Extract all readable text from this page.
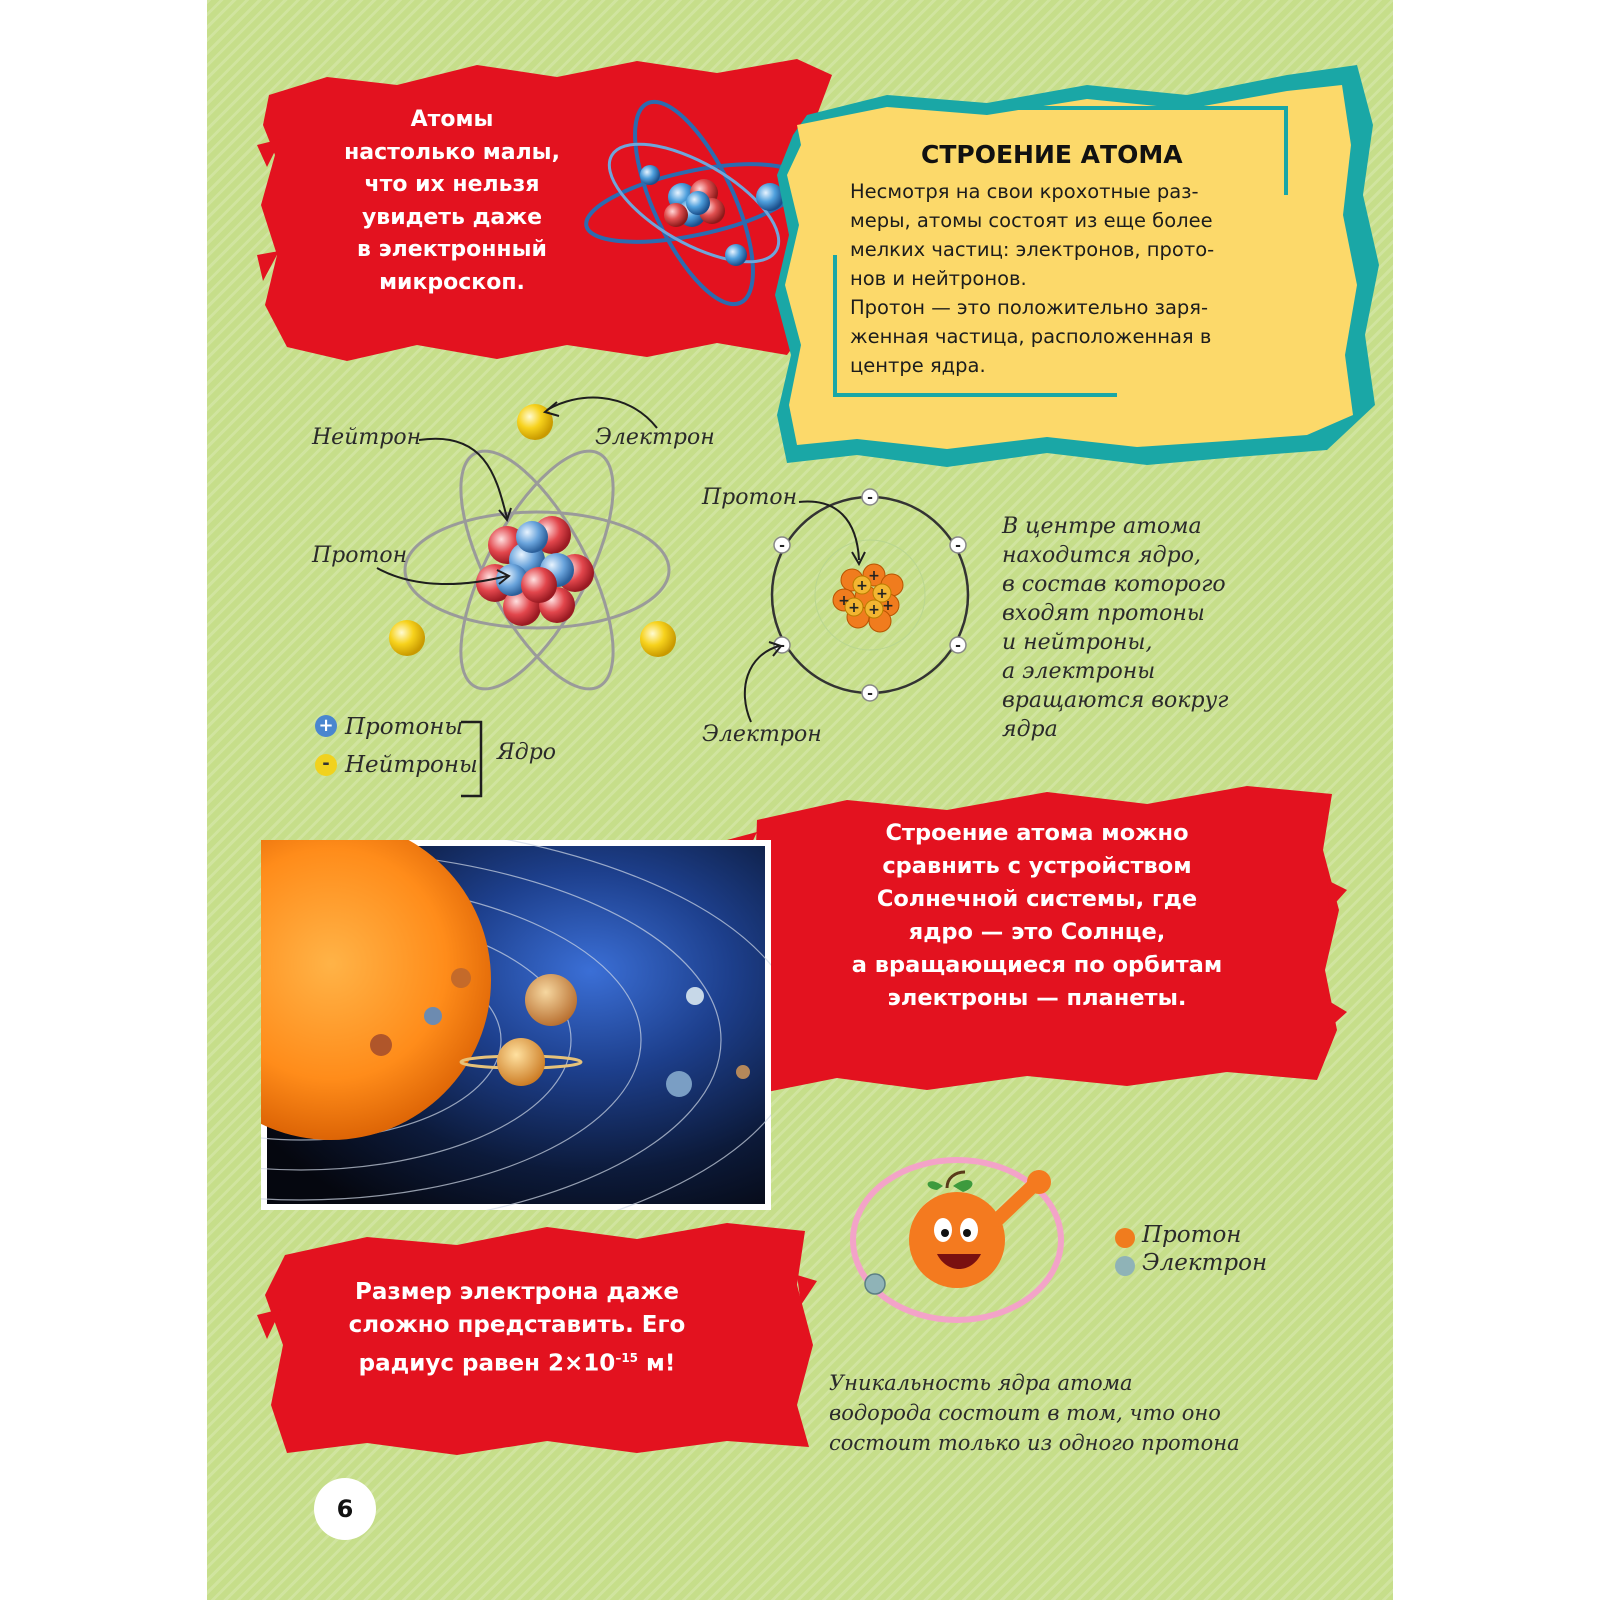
Атомы
настолько малы,
что их нельзя
увидеть даже
в электронный
микроскоп.
СТРОЕНИЕ АТОМА
Несмотря на свои крохотные раз-
меры, атомы состоят из еще более
мелких частиц: электронов, прото-
нов и нейтронов.
Протон — это положительно заря-
женная частица, расположенная в
центре ядра.
Нейтрон	Электрон
Протон
+ Протоны
- Нейтроны Ядро
+ +
+ +
+
+ +
-
-	-
-	-
-
Протон
Электрон
В центре атома
находится ядро,
в состав которого
входят протоны
и нейтроны,
а электроны
вращаются вокруг
ядра
Строение атома можно
сравнить с устройством
Солнечной системы, где
ядро — это Солнце,
а вращающиеся по орбитам
электроны — планеты.
Размер электрона даже
сложно представить. Его
радиус равен $2\times 10^{-15}$ м!
Протон
Электрон
Уникальность ядра атома
водорода состоит в том, что оно
состоит только из одного протона
6
